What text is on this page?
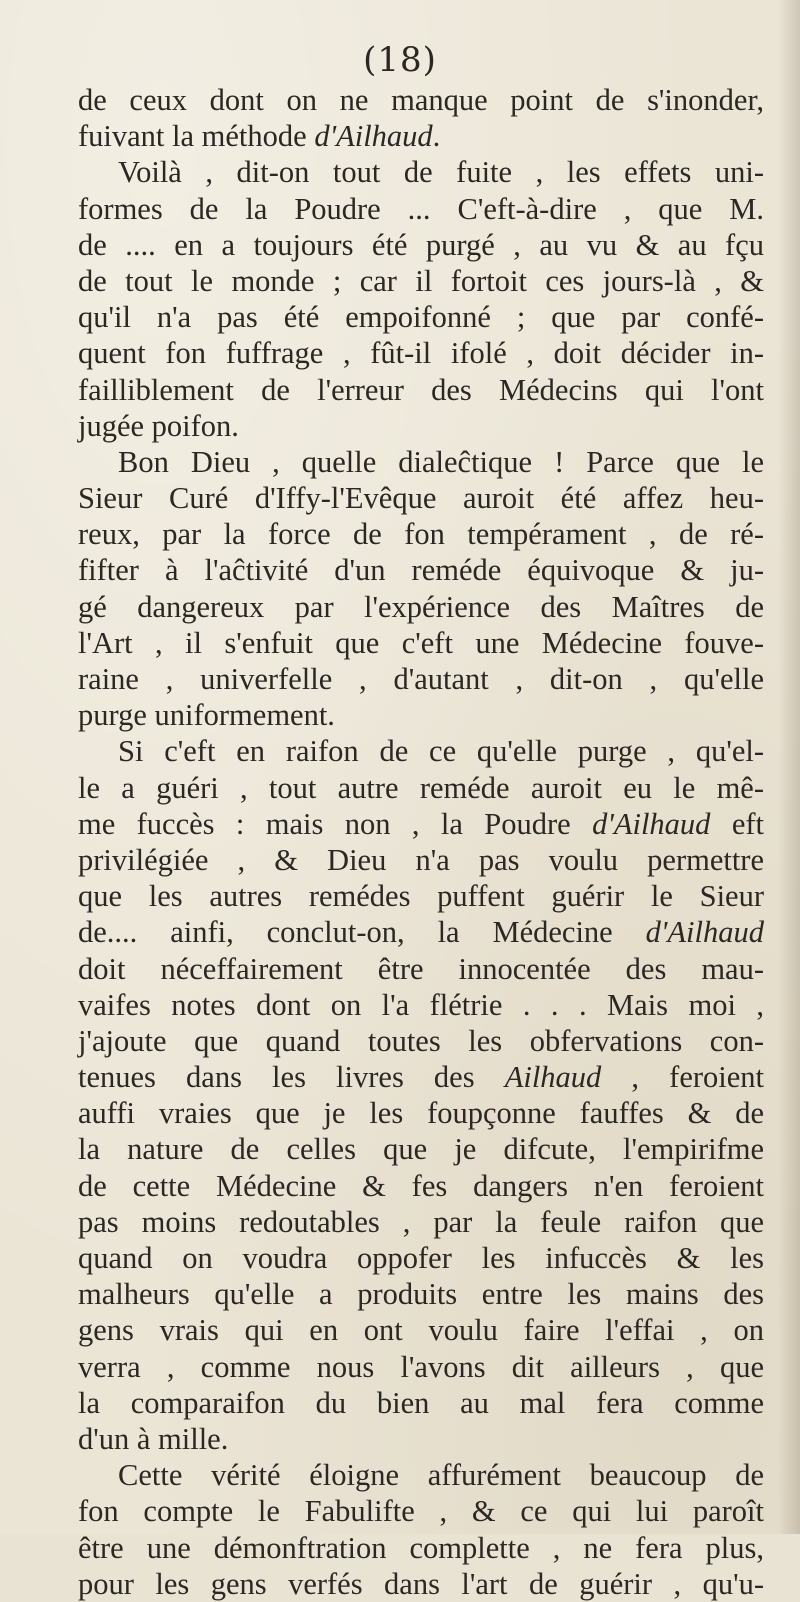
(18)
de ceux dont on ne manque point de s'inonder,
fuivant la méthode d'Ailhaud.
Voilà , dit-on tout de fuite , les effets uni-
formes de la Poudre ... C'eft-à-dire , que M.
de .... en a toujours été purgé , au vu & au fçu
de tout le monde ; car il fortoit ces jours-là , &
qu'il n'a pas été empoifonné ; que par confé-
quent fon fuffrage , fût-il ifolé , doit décider in-
failliblement de l'erreur des Médecins qui l'ont
jugée poifon.
Bon Dieu , quelle dialeĉtique ! Parce que le
Sieur Curé d'Iffy-l'Evêque auroit été affez heu-
reux, par la force de fon tempérament , de ré-
fifter à l'aĉtivité d'un reméde équivoque & ju-
gé dangereux par l'expérience des Maîtres de
l'Art , il s'enfuit que c'eft une Médecine fouve-
raine , univerfelle , d'autant , dit-on , qu'elle
purge uniformement.
Si c'eft en raifon de ce qu'elle purge , qu'el-
le a guéri , tout autre reméde auroit eu le mê-
me fuccès : mais non , la Poudre d'Ailhaud eft
privilégiée , & Dieu n'a pas voulu permettre
que les autres remédes puffent guérir le Sieur
de.... ainfi, conclut-on, la Médecine d'Ailhaud
doit néceffairement être innocentée des mau-
vaifes notes dont on l'a flétrie . . . Mais moi ,
j'ajoute que quand toutes les obfervations con-
tenues dans les livres des Ailhaud , feroient
auffi vraies que je les foupçonne fauffes & de
la nature de celles que je difcute, l'empirifme
de cette Médecine & fes dangers n'en feroient
pas moins redoutables , par la feule raifon que
quand on voudra oppofer les infuccès & les
malheurs qu'elle a produits entre les mains des
gens vrais qui en ont voulu faire l'effai , on
verra , comme nous l'avons dit ailleurs , que
la comparaifon du bien au mal fera comme
d'un à mille.
Cette vérité éloigne affurément beaucoup de
fon compte le Fabulifte , & ce qui lui paroît
être une démonftration complette , ne fera plus,
pour les gens verfés dans l'art de guérir , qu'u-
